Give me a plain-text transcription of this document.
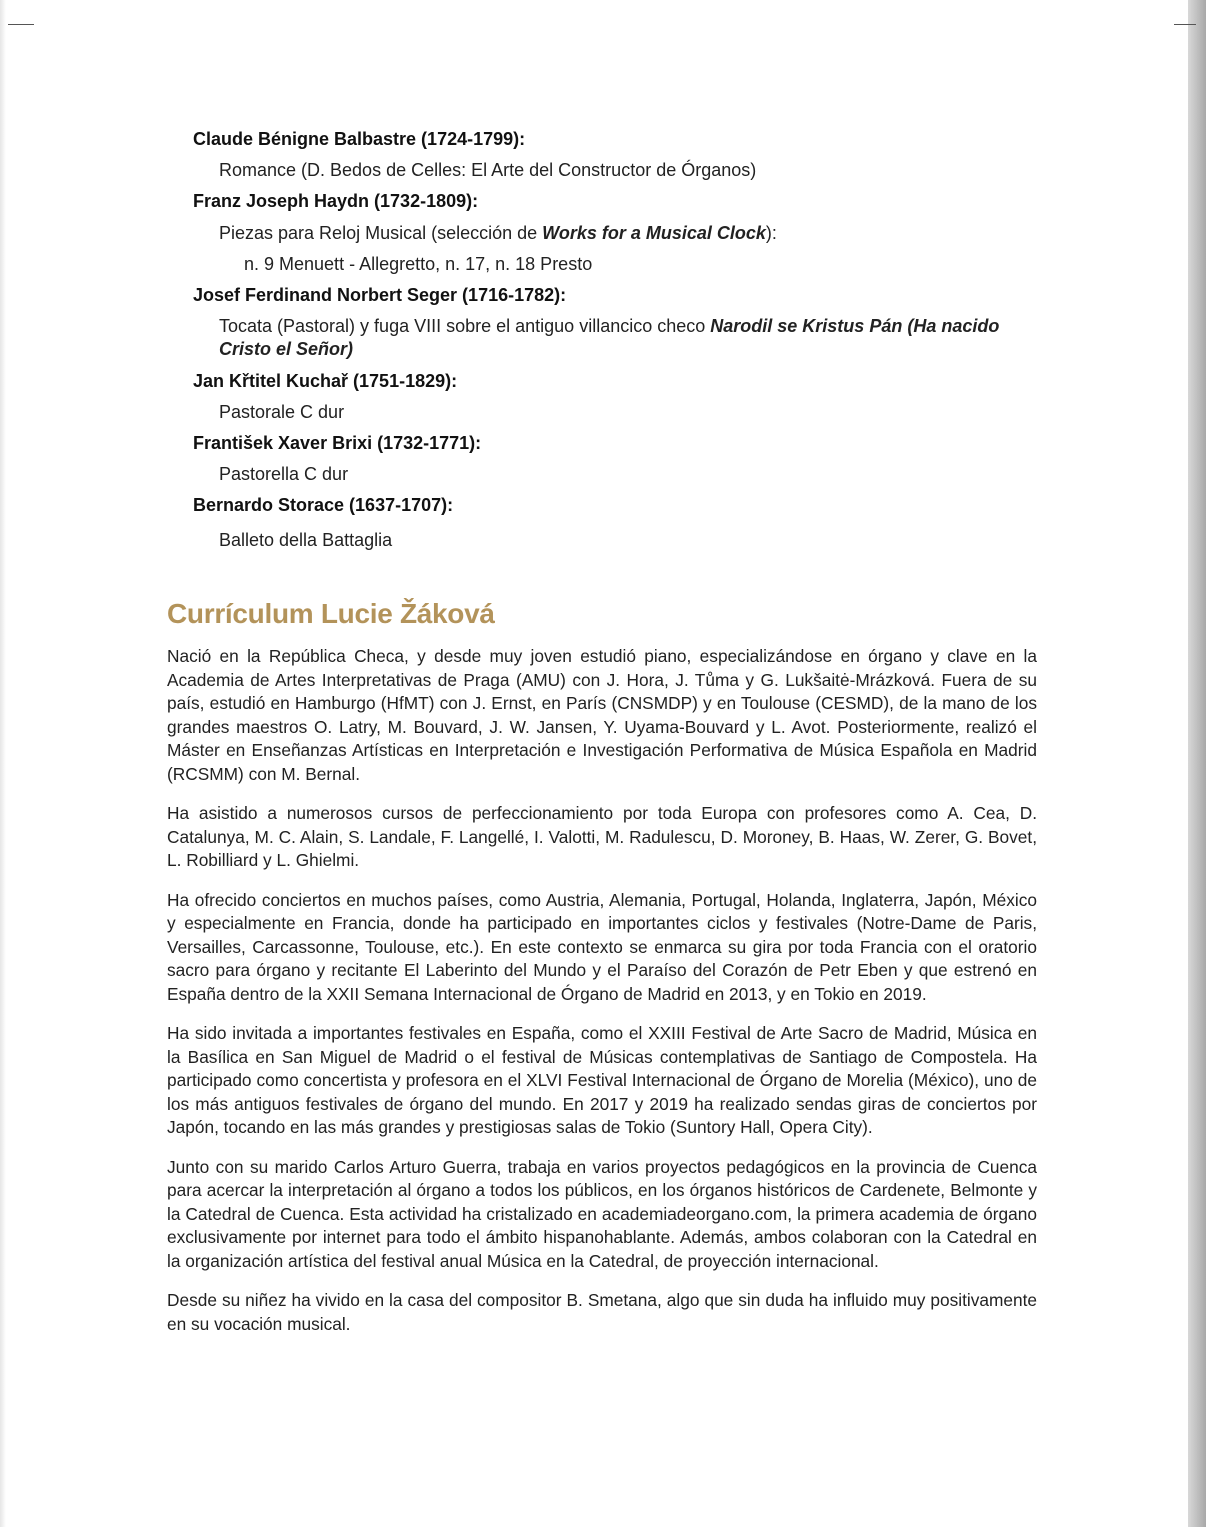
Claude Bénigne Balbastre (1724-1799):

Romance (D. Bedos de Celles: El Arte del Constructor de Órganos)

Franz Joseph Haydn (1732-1809):

Piezas para Reloj Musical (selección de Works for a Musical Clock):

n. 9 Menuett - Allegretto, n. 17, n. 18 Presto

Josef Ferdinand Norbert Seger (1716-1782):

Tocata (Pastoral) y fuga VIII sobre el antiguo villancico checo Narodil se Kristus Pán (Ha nacido Cristo el Señor)

Jan Křtitel Kuchař (1751-1829):

Pastorale C dur

František Xaver Brixi (1732-1771):

Pastorella C dur

Bernardo Storace (1637-1707):

Balleto della Battaglia

Currículum Lucie Žáková

Nació en la República Checa, y desde muy joven estudió piano, especializándose en órgano y clave en la Academia de Artes Interpretativas de Praga (AMU) con J. Hora, J. Tůma y G. Lukšaitė-Mrázková. Fuera de su país, estudió en Hamburgo (HfMT) con J. Ernst, en París (CNSMDP) y en Toulouse (CESMD), de la mano de los grandes maestros O. Latry, M. Bouvard, J. W. Jansen, Y. Uyama-Bouvard y L. Avot. Posteriormente, realizó el Máster en Enseñanzas Artísticas en Interpretación e Investigación Performativa de Música Española en Madrid (RCSMM) con M. Bernal.

Ha asistido a numerosos cursos de perfeccionamiento por toda Europa con profesores como A. Cea, D. Catalunya, M. C. Alain, S. Landale, F. Langellé, I. Valotti, M. Radulescu, D. Moroney, B. Haas, W. Zerer, G. Bovet, L. Robilliard y L. Ghielmi.

Ha ofrecido conciertos en muchos países, como Austria, Alemania, Portugal, Holanda, Inglaterra, Japón, México y especialmente en Francia, donde ha participado en importantes ciclos y festivales (Notre-Dame de Paris, Versailles, Carcassonne, Toulouse, etc.). En este contexto se enmarca su gira por toda Francia con el oratorio sacro para órgano y recitante El Laberinto del Mundo y el Paraíso del Corazón de Petr Eben y que estrenó en España dentro de la XXII Semana Internacional de Órgano de Madrid en 2013, y en Tokio en 2019.

Ha sido invitada a importantes festivales en España, como el XXIII Festival de Arte Sacro de Madrid, Música en la Basílica en San Miguel de Madrid o el festival de Músicas contemplativas de Santiago de Compostela. Ha participado como concertista y profesora en el XLVI Festival Internacional de Órgano de Morelia (México), uno de los más antiguos festivales de órgano del mundo. En 2017 y 2019 ha realizado sendas giras de conciertos por Japón, tocando en las más grandes y prestigiosas salas de Tokio (Suntory Hall, Opera City).

Junto con su marido Carlos Arturo Guerra, trabaja en varios proyectos pedagógicos en la provincia de Cuenca para acercar la interpretación al órgano a todos los públicos, en los órganos históricos de Cardenete, Belmonte y la Catedral de Cuenca. Esta actividad ha cristalizado en academiadeorgano.com, la primera academia de órgano exclusivamente por internet para todo el ámbito hispanohablante. Además, ambos colaboran con la Catedral en la organización artística del festival anual Música en la Catedral, de proyección internacional.

Desde su niñez ha vivido en la casa del compositor B. Smetana, algo que sin duda ha influido muy positivamente en su vocación musical.
